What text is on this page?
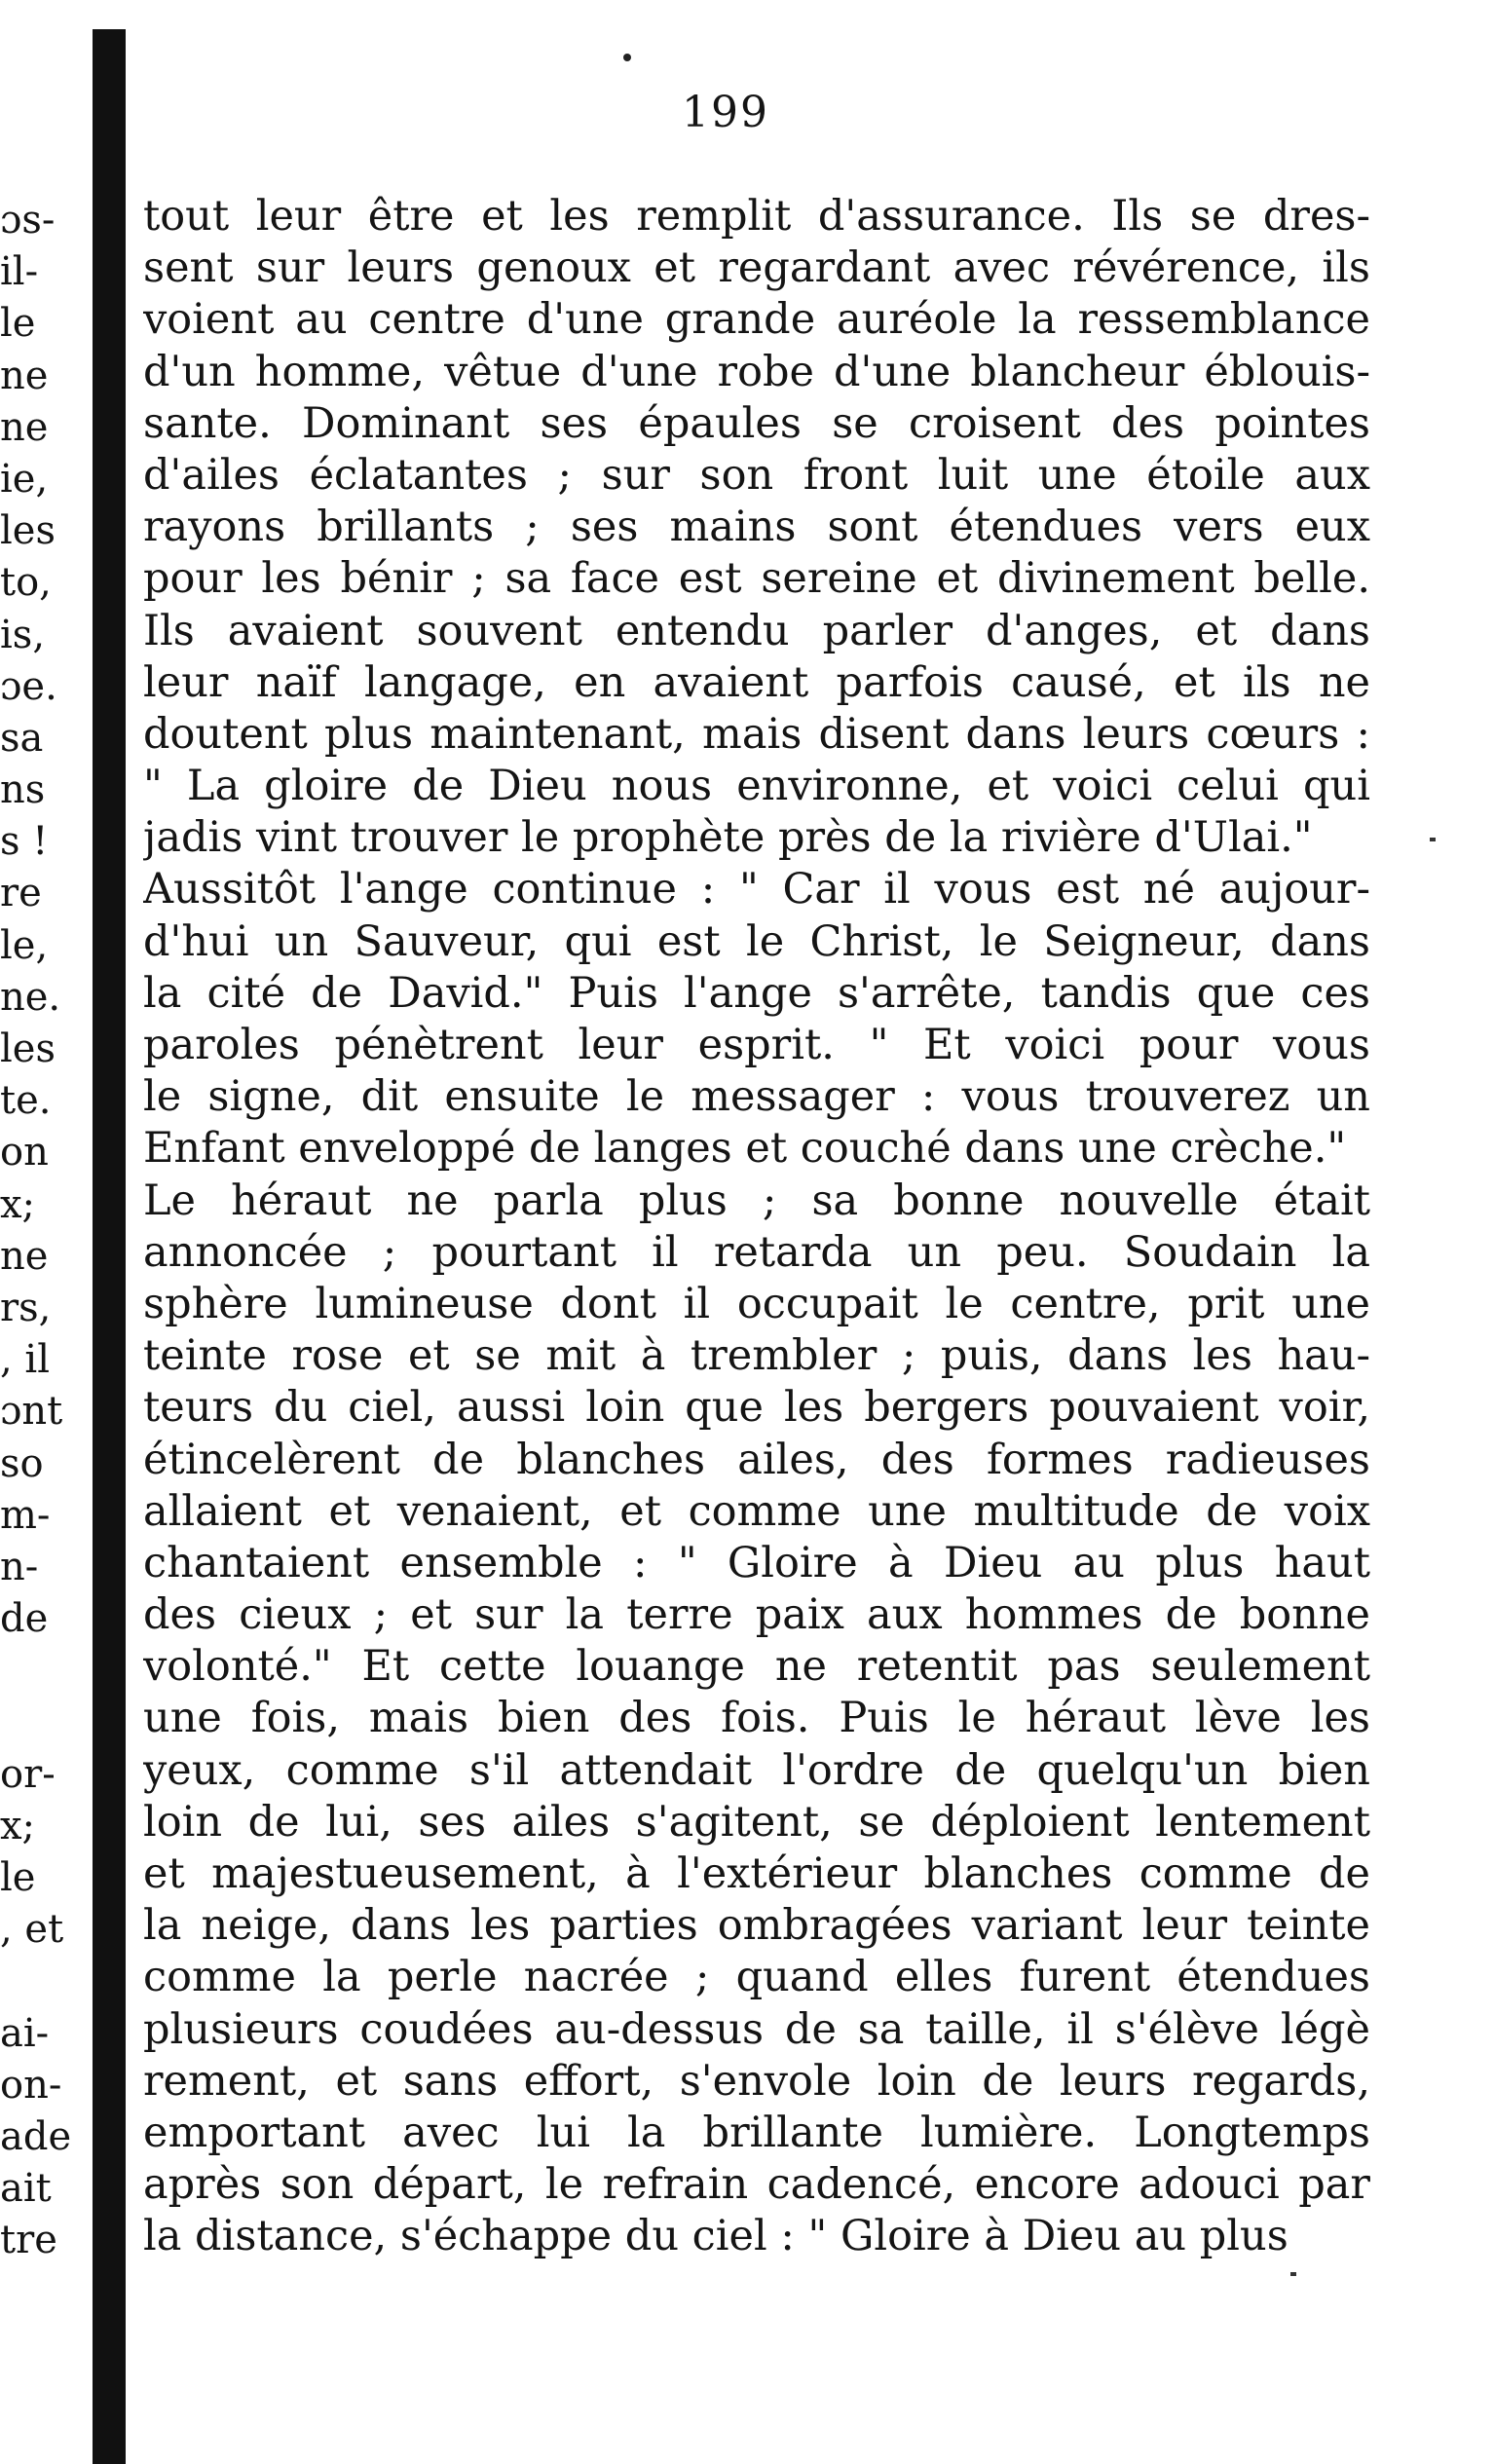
199
ɔs-
il-
le
ne
ne
ie,
les
to,
is,
ɔe.
sa
ns
s !
re
le,
ne.
les
te.
on
x;
ne
rs,
, il
ɔnt
so
m-
n-
de
or-
x;
le
, et
ai-
on-
ade
ait
tre
tout leur être et les remplit d'assurance. Ils se dres-
sent sur leurs genoux et regardant avec révérence, ils
voient au centre d'une grande auréole la ressemblance
d'un homme, vêtue d'une robe d'une blancheur éblouis-
sante. Dominant ses épaules se croisent des pointes
d'ailes éclatantes ; sur son front luit une étoile aux
rayons brillants ; ses mains sont étendues vers eux
pour les bénir ; sa face est sereine et divinement belle.
Ils avaient souvent entendu parler d'anges, et dans
leur naïf langage, en avaient parfois causé, et ils ne
doutent plus maintenant, mais disent dans leurs cœurs :
" La gloire de Dieu nous environne, et voici celui qui
jadis vint trouver le prophète près de la rivière d'Ulai."
Aussitôt l'ange continue : " Car il vous est né aujour-
d'hui un Sauveur, qui est le Christ, le Seigneur, dans
la cité de David." Puis l'ange s'arrête, tandis que ces
paroles pénètrent leur esprit. " Et voici pour vous
le signe, dit ensuite le messager : vous trouverez un
Enfant enveloppé de langes et couché dans une crèche."
Le héraut ne parla plus ; sa bonne nouvelle était
annoncée ; pourtant il retarda un peu. Soudain la
sphère lumineuse dont il occupait le centre, prit une
teinte rose et se mit à trembler ; puis, dans les hau-
teurs du ciel, aussi loin que les bergers pouvaient voir,
étincelèrent de blanches ailes, des formes radieuses
allaient et venaient, et comme une multitude de voix
chantaient ensemble : " Gloire à Dieu au plus haut
des cieux ; et sur la terre paix aux hommes de bonne
volonté." Et cette louange ne retentit pas seulement
une fois, mais bien des fois. Puis le héraut lève les
yeux, comme s'il attendait l'ordre de quelqu'un bien
loin de lui, ses ailes s'agitent, se déploient lentement
et majestueusement, à l'extérieur blanches comme de
la neige, dans les parties ombragées variant leur teinte
comme la perle nacrée ; quand elles furent étendues
plusieurs coudées au-dessus de sa taille, il s'élève légè
rement, et sans effort, s'envole loin de leurs regards,
emportant avec lui la brillante lumière. Longtemps
après son départ, le refrain cadencé, encore adouci par
la distance, s'échappe du ciel : " Gloire à Dieu au plus
